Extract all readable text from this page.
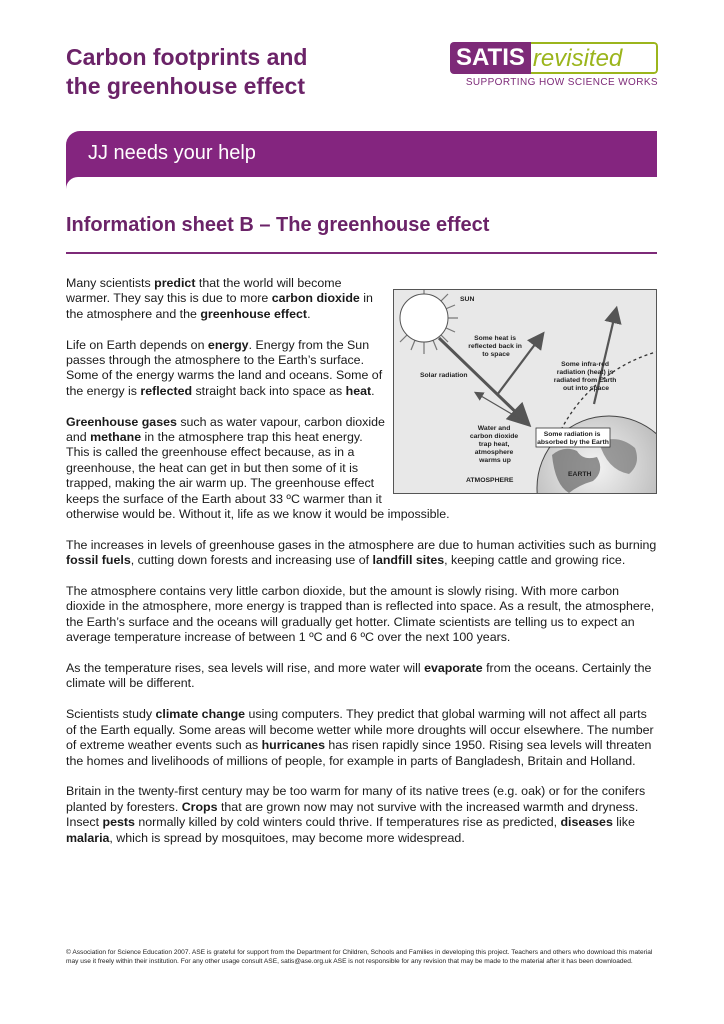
Carbon footprints and
the greenhouse effect
SATIS revisited
SUPPORTING HOW SCIENCE WORKS
JJ needs your help
Information sheet B – The greenhouse effect
SUN
Solar radiation
Some heat is reflected back in to space
Some infra-red radiation (heat) is radiated from Earth out into space
Water and carbon dioxide trap heat, atmosphere warms up
Some radiation is absorbed by the Earth
EARTH
ATMOSPHERE

Many scientists predict that the world will become warmer. They say this is due to more carbon dioxide in the atmosphere and the greenhouse effect.

Life on Earth depends on energy. Energy from the Sun passes through the atmosphere to the Earth’s surface. Some of the energy warms the land and oceans. Some of the energy is reflected straight back into space as heat.

Greenhouse gases such as water vapour, carbon dioxide and methane in the atmosphere trap this heat energy. This is called the greenhouse effect because, as in a greenhouse, the heat can get in but then some of it is trapped, making the air warm up. The greenhouse effect keeps the surface of the Earth about 33 ºC warmer than it otherwise would be. Without it, life as we know it would be impossible.

The increases in levels of greenhouse gases in the atmosphere are due to human activities such as burning fossil fuels, cutting down forests and increasing use of landfill sites, keeping cattle and growing rice.

The atmosphere contains very little carbon dioxide, but the amount is slowly rising. With more carbon dioxide in the atmosphere, more energy is trapped than is reflected into space. As a result, the atmosphere, the Earth’s surface and the oceans will gradually get hotter. Climate scientists are telling us to expect an average temperature increase of between 1 ºC and 6 ºC over the next 100 years.

As the temperature rises, sea levels will rise, and more water will evaporate from the oceans. Certainly the climate will be different.

Scientists study climate change using computers. They predict that global warming will not affect all parts of the Earth equally. Some areas will become wetter while more droughts will occur elsewhere. The number of extreme weather events such as hurricanes has risen rapidly since 1950. Rising sea levels will threaten the homes and livelihoods of millions of people, for example in parts of Bangladesh, Britain and Holland.

Britain in the twenty-first century may be too warm for many of its native trees (e.g. oak) or for the conifers planted by foresters. Crops that are grown now may not survive with the increased warmth and dryness. Insect pests normally killed by cold winters could thrive. If temperatures rise as predicted, diseases like malaria, which is spread by mosquitoes, may become more widespread.

© Association for Science Education 2007. ASE is grateful for support from the Department for Children, Schools and Families in developing this project. Teachers and others who download this material may use it freely within their institution. For any other usage consult ASE, satis@ase.org.uk ASE is not responsible for any revision that may be made to the material after it has been downloaded.
